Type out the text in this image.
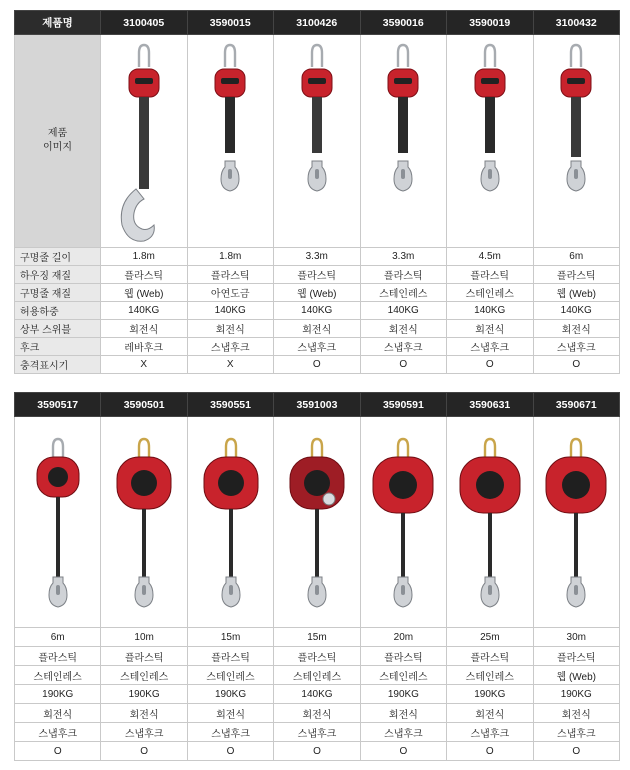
제품명	3100405	3590015	3100426	3590016	3590019	3100432
제품
이미지	

구명줄 길이	1.8m	1.8m	3.3m	3.3m	4.5m	6m
하우징 재질	플라스틱	플라스틱	플라스틱	플라스틱	플라스틱	플라스틱
구명줄 재질	웹 (Web)	아연도금	웹 (Web)	스테인레스	스테인레스	웹 (Web)
허용하중	140KG	140KG	140KG	140KG	140KG	140KG
상부 스위블	회전식	회전식	회전식	회전식	회전식	회전식
후크	레바후크	스냅후크	스냅후크	스냅후크	스냅후크	스냅후크
충격표시기	X	X	O	O	O	O
3590517	3590501	3590551	3591003	3590591	3590631	3590671

6m	10m	15m	15m	20m	25m	30m
플라스틱	플라스틱	플라스틱	플라스틱	플라스틱	플라스틱	플라스틱
스테인레스	스테인레스	스테인레스	스테인레스	스테인레스	스테인레스	웹 (Web)
190KG	190KG	190KG	140KG	190KG	190KG	190KG
회전식	회전식	회전식	회전식	회전식	회전식	회전식
스냅후크	스냅후크	스냅후크	스냅후크	스냅후크	스냅후크	스냅후크
O	O	O	O	O	O	O
